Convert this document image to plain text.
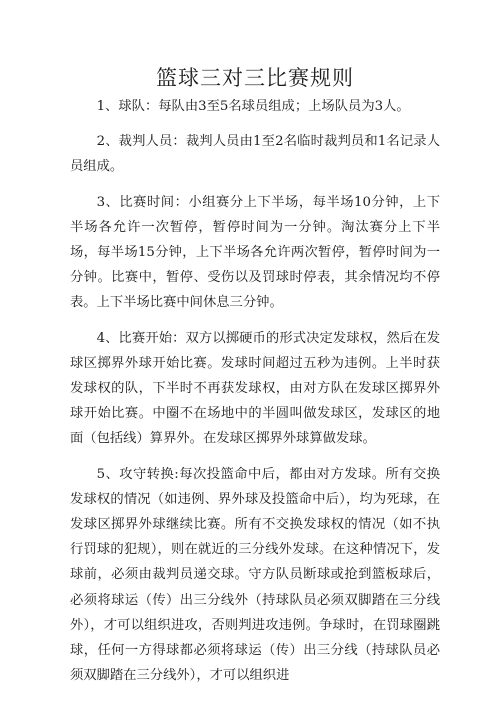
篮球三对三比赛规则

1、球队：每队由3至5名球员组成；上场队员为3人。

2、裁判人员：裁判人员由1至2名临时裁判员和1名记录人员组成。

3、比赛时间：小组赛分上下半场，每半场10分钟，上下半场各允许一次暂停，暂停时间为一分钟。淘汰赛分上下半场，每半场15分钟，上下半场各允许两次暂停，暂停时间为一分钟。比赛中，暂停、受伤以及罚球时停表，其余情况均不停表。上下半场比赛中间休息三分钟。

4、比赛开始：双方以掷硬币的形式决定发球权，然后在发球区掷界外球开始比赛。发球时间超过五秒为违例。上半时获发球权的队，下半时不再获发球权，由对方队在发球区掷界外球开始比赛。中圈不在场地中的半圆叫做发球区，发球区的地面（包括线）算界外。在发球区掷界外球算做发球。

5、攻守转换:每次投篮命中后，都由对方发球。所有交换发球权的情况（如违例、界外球及投篮命中后），均为死球，在发球区掷界外球继续比赛。所有不交换发球权的情况（如不执行罚球的犯规），则在就近的三分线外发球。在这种情况下，发球前，必须由裁判员递交球。守方队员断球或抢到篮板球后，必须将球运（传）出三分线外（持球队员必须双脚踏在三分线外），才可以组织进攻，否则判进攻违例。争球时，在罚球圈跳球，任何一方得球都必须将球运（传）出三分线（持球队员必须双脚踏在三分线外），才可以组织进
